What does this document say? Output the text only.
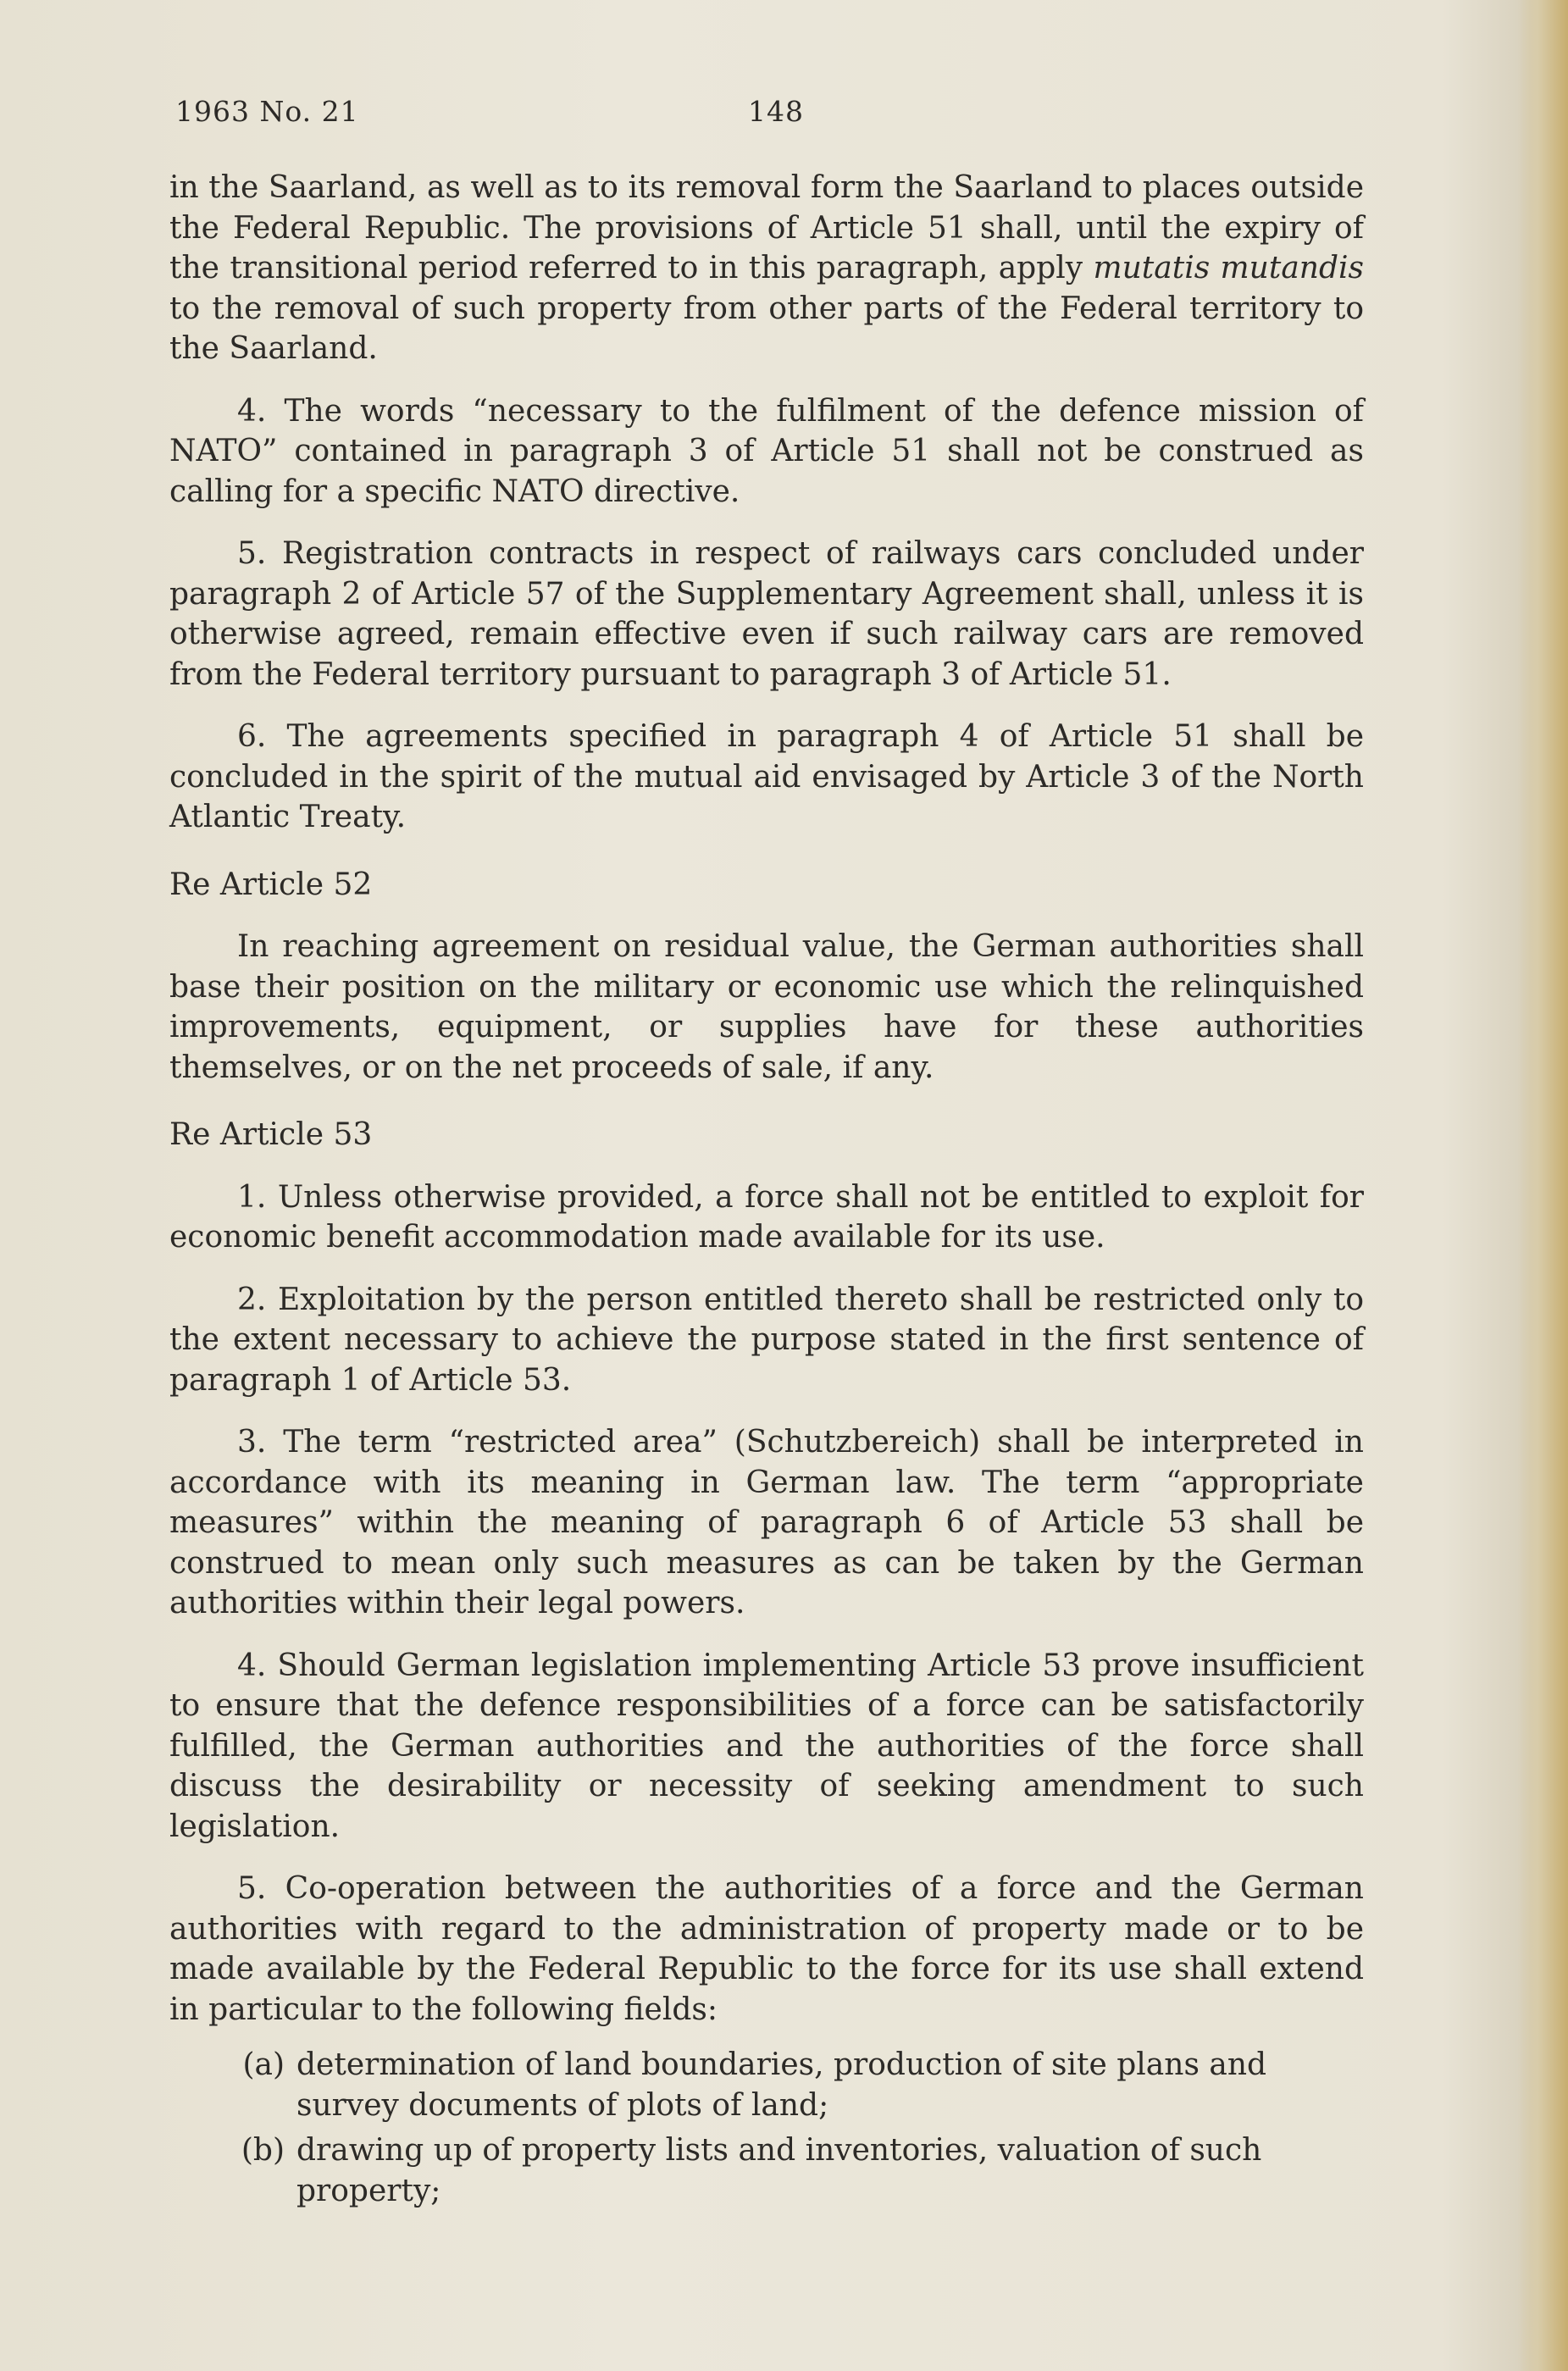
1963 No. 21	148

in the Saarland, as well as to its removal form the Saarland to places outside the Federal Republic. The provisions of Article 51 shall, until the expiry of the transitional period referred to in this paragraph, apply mutatis mutandis to the removal of such property from other parts of the Federal territory to the Saarland.

4. The words “necessary to the fulfilment of the defence mission of NATO” contained in paragraph 3 of Article 51 shall not be construed as calling for a specific NATO directive.

5. Registration contracts in respect of railways cars concluded under paragraph 2 of Article 57 of the Supplementary Agreement shall, unless it is otherwise agreed, remain effective even if such railway cars are removed from the Federal territory pursuant to paragraph 3 of Article 51.

6. The agreements specified in paragraph 4 of Article 51 shall be concluded in the spirit of the mutual aid envisaged by Article 3 of the North Atlantic Treaty.

Re Article 52

In reaching agreement on residual value, the German authorities shall base their position on the military or economic use which the relinquished improvements, equipment, or supplies have for these authorities themselves, or on the net proceeds of sale, if any.

Re Article 53

1. Unless otherwise provided, a force shall not be entitled to exploit for economic benefit accommodation made available for its use.

2. Exploitation by the person entitled thereto shall be restricted only to the extent necessary to achieve the purpose stated in the first sentence of paragraph 1 of Article 53.

3. The term “restricted area” (Schutzbereich) shall be interpreted in accordance with its meaning in German law. The term “appropriate measures” within the meaning of paragraph 6 of Article 53 shall be construed to mean only such measures as can be taken by the German authorities within their legal powers.

4. Should German legislation implementing Article 53 prove insufficient to ensure that the defence responsibilities of a force can be satisfactorily fulfilled, the German authorities and the authorities of the force shall discuss the desirability or necessity of seeking amendment to such legislation.

5. Co-operation between the authorities of a force and the German authorities with regard to the administration of property made or to be made available by the Federal Republic to the force for its use shall extend in particular to the following fields:

(a) determination of land boundaries, production of site plans and survey documents of plots of land;
(b) drawing up of property lists and inventories, valuation of such property;
